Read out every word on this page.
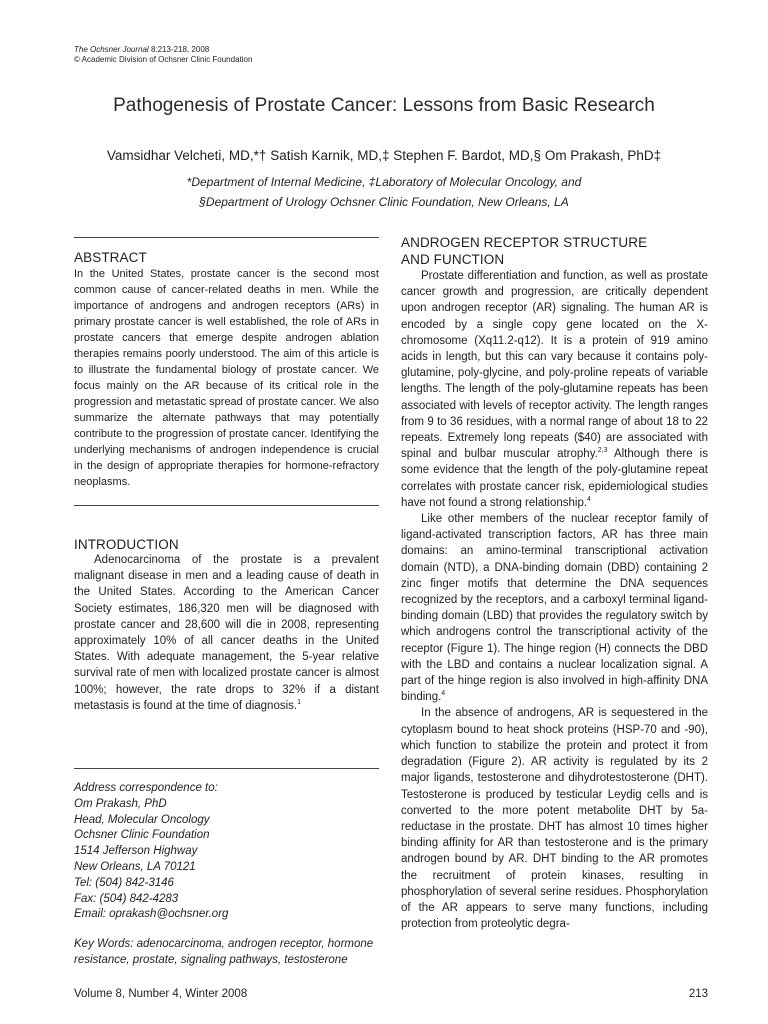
The Ochsner Journal 8:213-218, 2008
© Academic Division of Ochsner Clinic Foundation
Pathogenesis of Prostate Cancer: Lessons from Basic Research
Vamsidhar Velcheti, MD,*† Satish Karnik, MD,‡ Stephen F. Bardot, MD,§ Om Prakash, PhD‡
*Department of Internal Medicine, ‡Laboratory of Molecular Oncology, and
§Department of Urology Ochsner Clinic Foundation, New Orleans, LA
ABSTRACT
In the United States, prostate cancer is the second most common cause of cancer-related deaths in men. While the importance of androgens and androgen receptors (ARs) in primary prostate cancer is well established, the role of ARs in prostate cancers that emerge despite androgen ablation therapies remains poorly understood. The aim of this article is to illustrate the fundamental biology of prostate cancer. We focus mainly on the AR because of its critical role in the progression and metastatic spread of prostate cancer. We also summarize the alternate pathways that may potentially contribute to the progression of prostate cancer. Identifying the underlying mechanisms of androgen independence is crucial in the design of appropriate therapies for hormone-refractory neoplasms.
INTRODUCTION
Adenocarcinoma of the prostate is a prevalent malignant disease in men and a leading cause of death in the United States. According to the American Cancer Society estimates, 186,320 men will be diagnosed with prostate cancer and 28,600 will die in 2008, representing approximately 10% of all cancer deaths in the United States. With adequate management, the 5-year relative survival rate of men with localized prostate cancer is almost 100%; however, the rate drops to 32% if a distant metastasis is found at the time of diagnosis.$^1$
Address correspondence to:
Om Prakash, PhD
Head, Molecular Oncology
Ochsner Clinic Foundation
1514 Jefferson Highway
New Orleans, LA 70121
Tel: (504) 842-3146
Fax: (504) 842-4283
Email: oprakash@ochsner.org
Key Words: adenocarcinoma, androgen receptor, hormone resistance, prostate, signaling pathways, testosterone
ANDROGEN RECEPTOR STRUCTURE
AND FUNCTION
Prostate differentiation and function, as well as prostate cancer growth and progression, are critically dependent upon androgen receptor (AR) signaling. The human AR is encoded by a single copy gene located on the X-chromosome (Xq11.2-q12). It is a protein of 919 amino acids in length, but this can vary because it contains poly-glutamine, poly-glycine, and poly-proline repeats of variable lengths. The length of the poly-glutamine repeats has been associated with levels of receptor activity. The length ranges from 9 to 36 residues, with a normal range of about 18 to 22 repeats. Extremely long repeats ($40) are associated with spinal and bulbar muscular atrophy.$^{2,3}$ Although there is some evidence that the length of the poly-glutamine repeat correlates with prostate cancer risk, epidemiological studies have not found a strong relationship.$^4$
Like other members of the nuclear receptor family of ligand-activated transcription factors, AR has three main domains: an amino-terminal transcriptional activation domain (NTD), a DNA-binding domain (DBD) containing 2 zinc finger motifs that determine the DNA sequences recognized by the receptors, and a carboxyl terminal ligand-binding domain (LBD) that provides the regulatory switch by which androgens control the transcriptional activity of the receptor (Figure 1). The hinge region (H) connects the DBD with the LBD and contains a nuclear localization signal. A part of the hinge region is also involved in high-affinity DNA binding.$^4$
In the absence of androgens, AR is sequestered in the cytoplasm bound to heat shock proteins (HSP-70 and -90), which function to stabilize the protein and protect it from degradation (Figure 2). AR activity is regulated by its 2 major ligands, testosterone and dihydrotestosterone (DHT). Testosterone is produced by testicular Leydig cells and is converted to the more potent metabolite DHT by 5a-reductase in the prostate. DHT has almost 10 times higher binding affinity for AR than testosterone and is the primary androgen bound by AR. DHT binding to the AR promotes the recruitment of protein kinases, resulting in phosphorylation of several serine residues. Phosphorylation of the AR appears to serve many functions, including protection from proteolytic degra-
Volume 8, Number 4, Winter 2008	213
